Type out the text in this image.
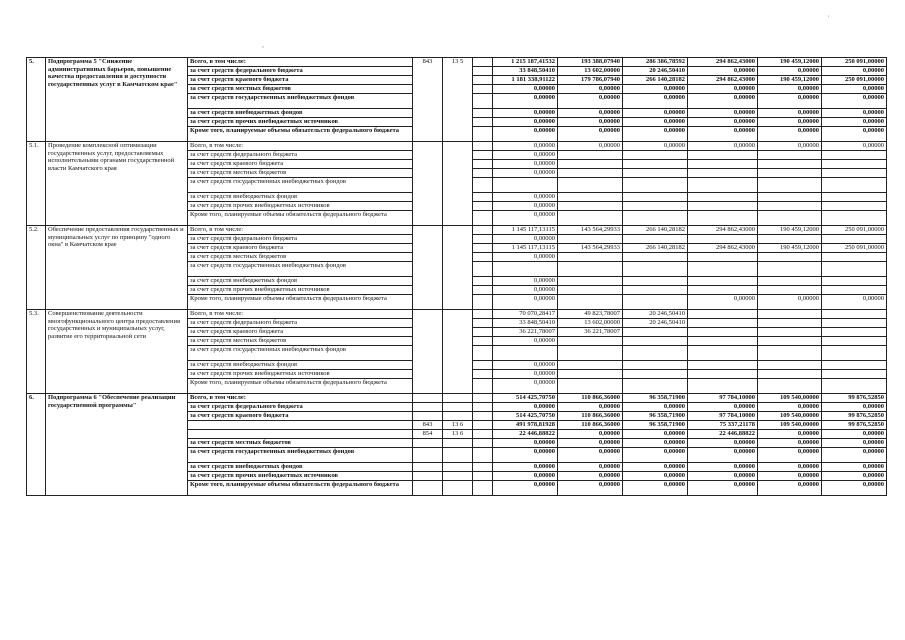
'
,
5.	Подпрограмма 5 "Снижение административных барьеров, повышение качества предоставления и доступности государственных услуг в Камчатском крае"	Всего, в том числе:	843	13 5		1 215 187,41532	193 388,07940	286 386,78592	294 862,43000	190 459,12000	250 091,00000
		за счет средств федерального бюджета				33 848,50410	13 602,00000	20 246,50410	0,00000	0,00000	0,00000
		за счет средств краевого бюджета				1 181 338,91122	179 786,07940	266 140,28182	294 862,43000	190 459,12000	250 091,00000
		за счет средств местных бюджетов				0,00000	0,00000	0,00000	0,00000	0,00000	0,00000
		за счет средств государственных внебюджетных фондов				0,00000	0,00000	0,00000	0,00000	0,00000	0,00000
		за счет средств внебюджетных фондов				0,00000	0,00000	0,00000	0,00000	0,00000	0,00000
		за счет средств прочих внебюджетных источников				0,00000	0,00000	0,00000	0,00000	0,00000	0,00000
		Кроме того, планируемые объемы обязательств федерального бюджета				0,00000	0,00000	0,00000	0,00000	0,00000	0,00000
5.1.	Проведение комплексной оптимизации государственных услуг, предоставляемых исполнительными органами государственной власти Камчатского края	Всего, в том числе:				0,00000	0,00000	0,00000	0,00000	0,00000	0,00000
		за счет средств федерального бюджета				0,00000					
		за счет средств краевого бюджета				0,00000					
		за счет средств местных бюджетов				0,00000					
		за счет средств государственных внебюджетных фондов									
		за счет средств внебюджетных фондов				0,00000					
		за счет средств прочих внебюджетных источников				0,00000					
		Кроме того, планируемые объемы обязательств федерального бюджета				0,00000					
5.2.	Обеспечение предоставления государственных и муниципальных услуг по принципу "одного окна" в Камчатском крае	Всего, в том числе:				1 145 117,13115	143 564,29933	266 140,28182	294 862,43000	190 459,12000	250 091,00000
		за счет средств федерального бюджета				0,00000					
		за счет средств краевого бюджета				1 145 117,13115	143 564,29933	266 140,28182	294 862,43000	190 459,12000	250 091,00000
		за счет средств местных бюджетов				0,00000					
		за счет средств государственных внебюджетных фондов									
		за счет средств внебюджетных фондов				0,00000					
		за счет средств прочих внебюджетных источников				0,00000					
		Кроме того, планируемые объемы обязательств федерального бюджета				0,00000			0,00000	0,00000	0,00000
5.3.	Совершенствование деятельности многофункционального центра предоставления государственных и муниципальных услуг, развитие его территориальной сети	Всего, в том числе:				70 070,28417	49 823,78007	20 246,50410			
		за счет средств федерального бюджета				33 848,50410	13 602,00000	20 246,50410			
		за счет средств краевого бюджета				36 221,78007	36 221,78007				
		за счет средств местных бюджетов				0,00000					
		за счет средств государственных внебюджетных фондов									
		за счет средств внебюджетных фондов				0,00000					
		за счет средств прочих внебюджетных источников				0,00000					
		Кроме того, планируемые объемы обязательств федерального бюджета				0,00000					
6.	Подпрограмма 6 "Обеспечение реализации государственной программы"	Всего, в том числе:				514 425,70750	110 866,36000	96 358,71900	97 784,10000	109 540,00000	99 876,52850
		за счет средств федерального бюджета				0,00000	0,00000	0,00000	0,00000	0,00000	0,00000
		за счет средств краевого бюджета				514 425,70750	110 866,36000	96 358,71900	97 784,10000	109 540,00000	99 876,52850
			843	13 6		491 978,81928	110 866,36000	96 358,71900	75 337,21178	109 540,00000	99 876,52850
			854	13 6		22 446,88822	0,00000	0,00000	22 446,88822	0,00000	0,00000
		за счет средств местных бюджетов				0,00000	0,00000	0,00000	0,00000	0,00000	0,00000
		за счет средств государственных внебюджетных фондов				0,00000	0,00000	0,00000	0,00000	0,00000	0,00000
		за счет средств внебюджетных фондов				0,00000	0,00000	0,00000	0,00000	0,00000	0,00000
		за счет средств прочих внебюджетных источников				0,00000	0,00000	0,00000	0,00000	0,00000	0,00000
		Кроме того, планируемые объемы обязательств федерального бюджета				0,00000	0,00000	0,00000	0,00000	0,00000	0,00000
